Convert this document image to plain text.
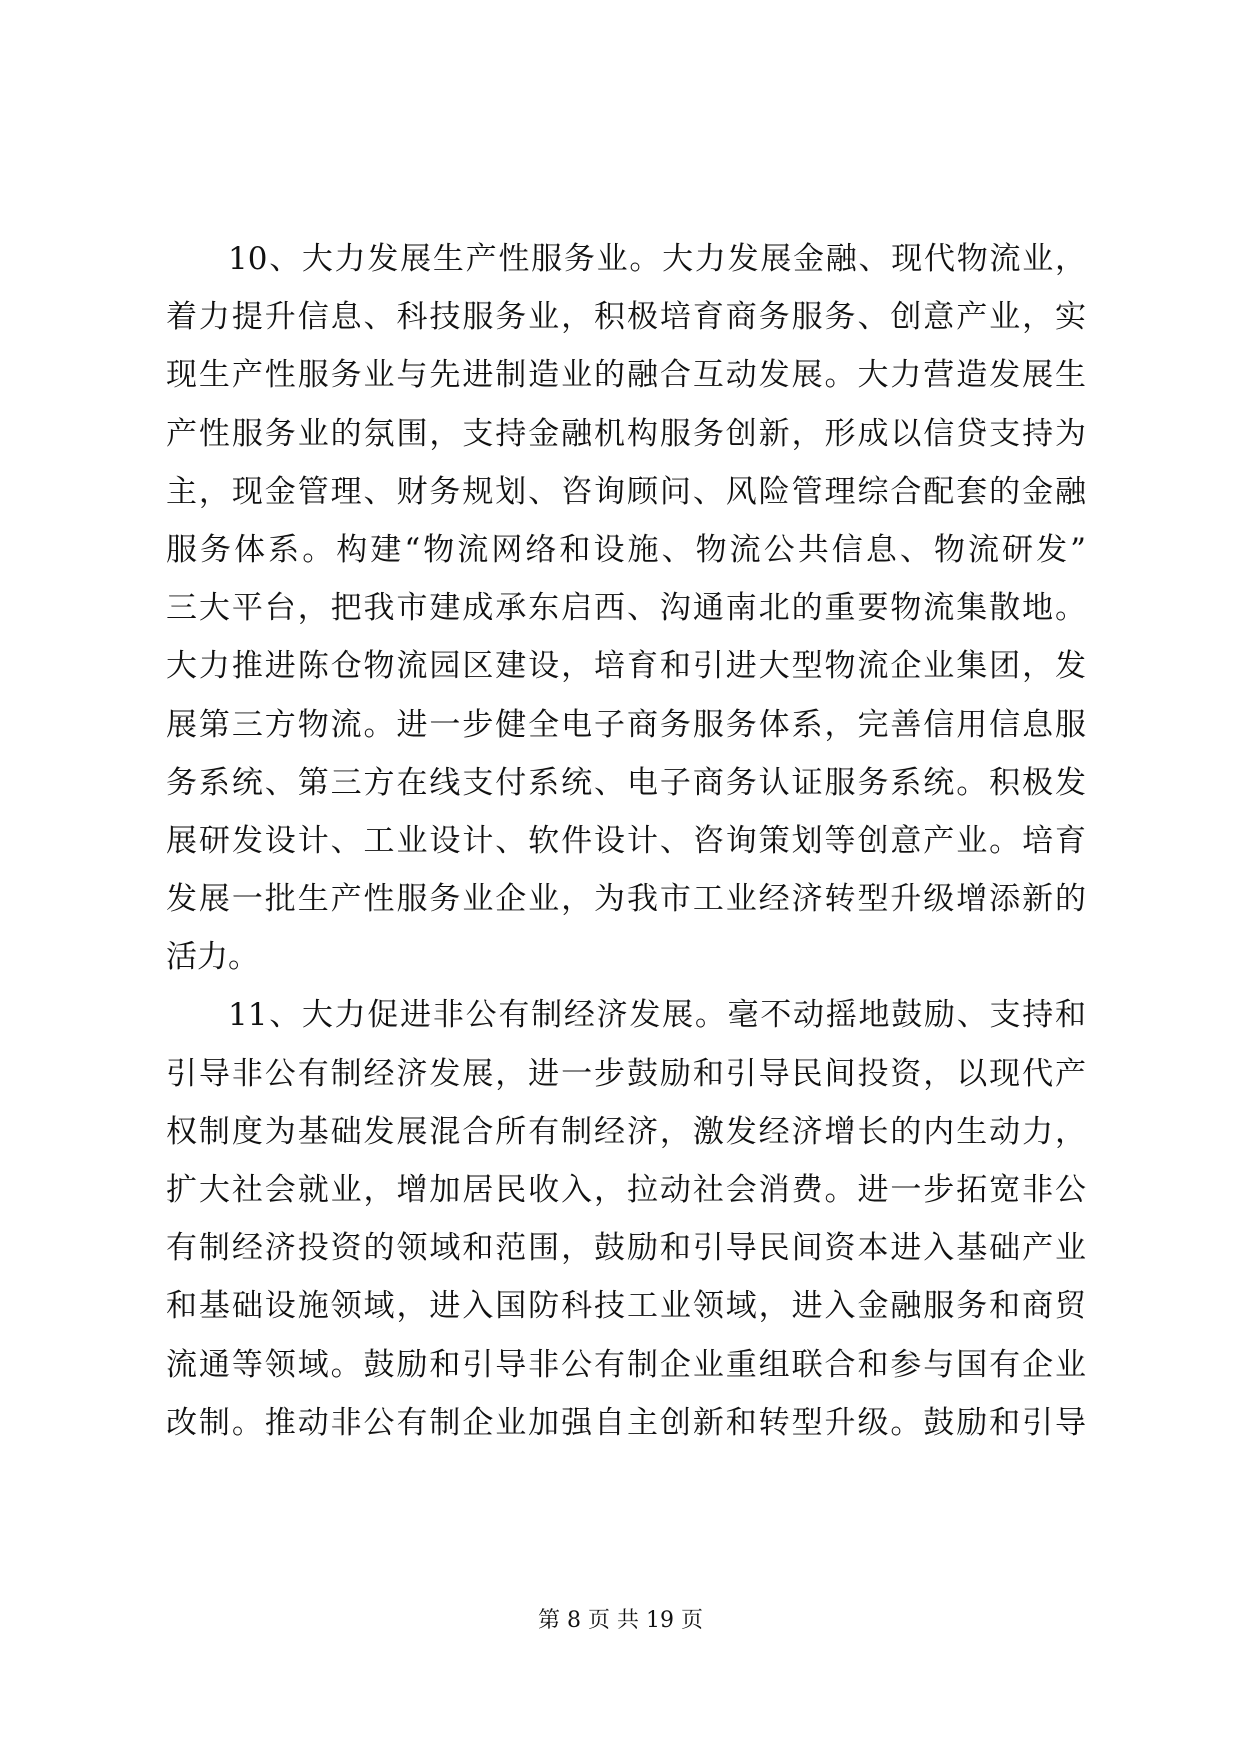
10、大力发展生产性服务业。大力发展金融、现代物流业，
着力提升信息、科技服务业，积极培育商务服务、创意产业，实
现生产性服务业与先进制造业的融合互动发展。大力营造发展生
产性服务业的氛围，支持金融机构服务创新，形成以信贷支持为
主，现金管理、财务规划、咨询顾问、风险管理综合配套的金融
服务体系。构建“物流网络和设施、物流公共信息、物流研发”
三大平台，把我市建成承东启西、沟通南北的重要物流集散地。
大力推进陈仓物流园区建设，培育和引进大型物流企业集团，发
展第三方物流。进一步健全电子商务服务体系，完善信用信息服
务系统、第三方在线支付系统、电子商务认证服务系统。积极发
展研发设计、工业设计、软件设计、咨询策划等创意产业。培育
发展一批生产性服务业企业，为我市工业经济转型升级增添新的
活力。
11、大力促进非公有制经济发展。毫不动摇地鼓励、支持和
引导非公有制经济发展，进一步鼓励和引导民间投资，以现代产
权制度为基础发展混合所有制经济，激发经济增长的内生动力，
扩大社会就业，增加居民收入，拉动社会消费。进一步拓宽非公
有制经济投资的领域和范围，鼓励和引导民间资本进入基础产业
和基础设施领域，进入国防科技工业领域，进入金融服务和商贸
流通等领域。鼓励和引导非公有制企业重组联合和参与国有企业
改制。推动非公有制企业加强自主创新和转型升级。鼓励和引导
第 8 页 共 19 页
